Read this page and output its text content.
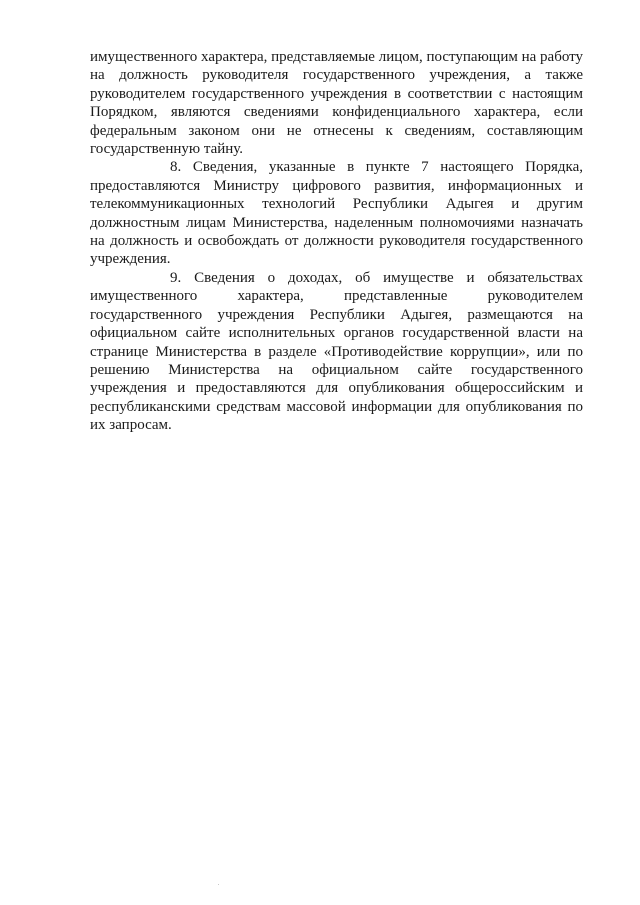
имущественного характера, представляемые лицом, поступающим на работу на должность руководителя государственного учреждения, а также руководителем государственного учреждения в соответствии с настоящим Порядком, являются сведениями конфиденциального характера, если федеральным законом они не отнесены к сведениям, составляющим государственную тайну.

8. Сведения, указанные в пункте 7 настоящего Порядка, предоставляются Министру цифрового развития, информационных и телекоммуникационных технологий Республики Адыгея и другим должностным лицам Министерства, наделенным полномочиями назначать на должность и освобождать от должности руководителя государственного учреждения.

9. Сведения о доходах, об имуществе и обязательствах имущественного характера, представленные руководителем государственного учреждения Республики Адыгея, размещаются на официальном сайте исполнительных органов государственной власти на странице Министерства в разделе «Противодействие коррупции», или по решению Министерства на официальном сайте государственного учреждения и предоставляются для опубликования общероссийским и республиканскими средствам массовой информации для опубликования по их запросам.
